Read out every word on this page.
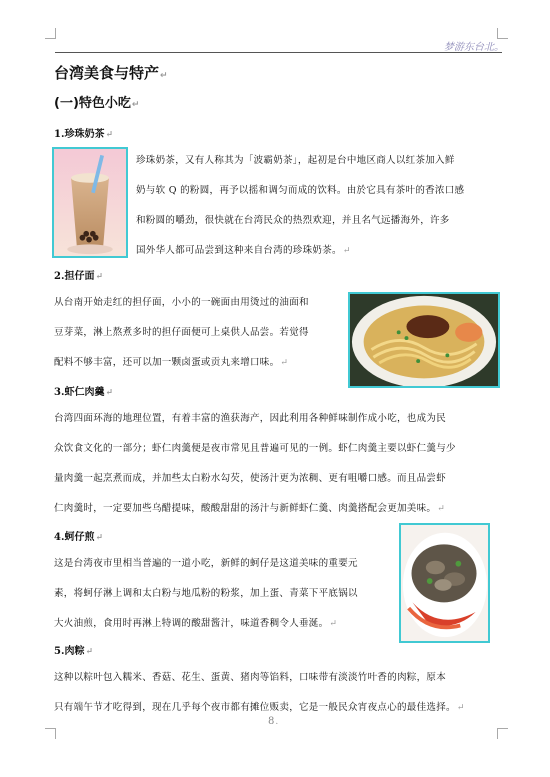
梦游东台北。
台湾美食与特产↵
(一)特色小吃↵
1.珍珠奶茶↵
珍珠奶茶，又有人称其为「波霸奶茶」，起初是台中地区商人以红茶加入鲜
奶与软 Q 的粉圆，再予以摇和调匀而成的饮料。由於它具有茶叶的香浓口感
和粉圆的嚼劲，很快就在台湾民众的热烈欢迎，并且名气远播海外，许多
国外华人都可品尝到这种来自台湾的珍珠奶茶。↵
2.担仔面↵
从台南开始走红的担仔面，小小的一碗面由用烫过的油面和
豆芽菜，淋上熬煮多时的担仔面便可上桌供人品尝。若觉得
配料不够丰富，还可以加一颗卤蛋或贡丸来增口味。↵
3.虾仁肉羹↵
台湾四面环海的地理位置，有着丰富的渔获海产，因此利用各种鲜味制作成小吃，也成为民
众饮食文化的一部分；虾仁肉羹便是夜市常见且普遍可见的一例。虾仁肉羹主要以虾仁羹与少
量肉羹一起烹煮而成，并加些太白粉水勾芡，使汤汁更为浓稠、更有咀嚼口感。而且品尝虾
仁肉羹时，一定要加些乌醋提味，酸酸甜甜的汤汁与新鲜虾仁羹、肉羹搭配会更加美味。↵
4.蚵仔煎↵
这是台湾夜市里相当普遍的一道小吃，新鲜的蚵仔是这道美味的重要元
素，将蚵仔淋上调和太白粉与地瓜粉的粉浆，加上蛋、青菜下平底锅以
大火油煎，食用时再淋上特调的酸甜酱汁，味道香稠令人垂涎。↵
5.肉粽↵
这种以粽叶包入糯米、香菇、花生、蛋黄、猪肉等馅料，口味带有淡淡竹叶香的肉粽，原本
只有端午节才吃得到，现在几乎每个夜市都有摊位贩卖，它是一般民众宵夜点心的最佳选择。↵
8.
